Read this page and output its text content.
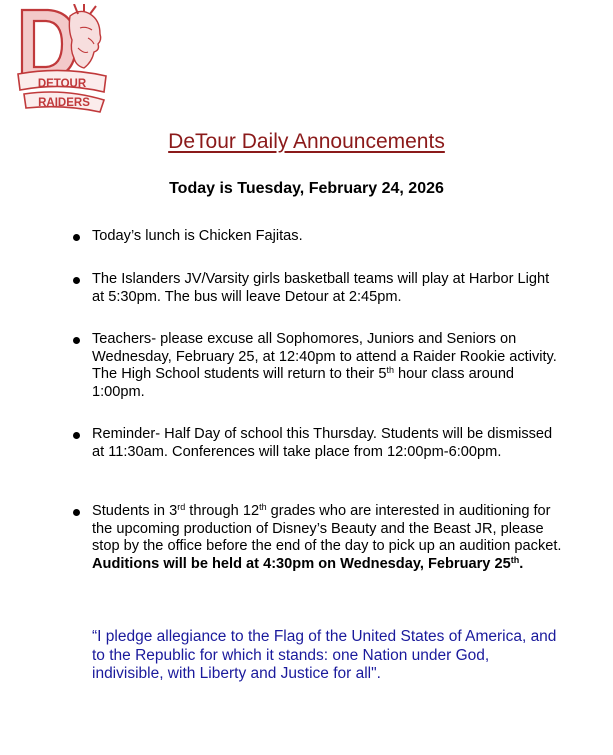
DETOUR
RAIDERS
DeTour Daily Announcements
Today is Tuesday, February 24, 2026
Today’s lunch is Chicken Fajitas.
The Islanders JV/Varsity girls basketball teams will play at Harbor Light at 5:30pm. The bus will leave Detour at 2:45pm.
Teachers- please excuse all Sophomores, Juniors and Seniors on Wednesday, February 25, at 12:40pm to attend a Raider Rookie activity. The High School students will return to their 5th hour class around 1:00pm.
Reminder- Half Day of school this Thursday. Students will be dismissed at 11:30am. Conferences will take place from 12:00pm-6:00pm.
Students in 3rd through 12th grades who are interested in auditioning for the upcoming production of Disney’s Beauty and the Beast JR, please stop by the office before the end of the day to pick up an audition packet. Auditions will be held at 4:30pm on Wednesday, February 25th.
“I pledge allegiance to the Flag of the United States of America, and to the Republic for which it stands: one Nation under God, indivisible, with Liberty and Justice for all".
